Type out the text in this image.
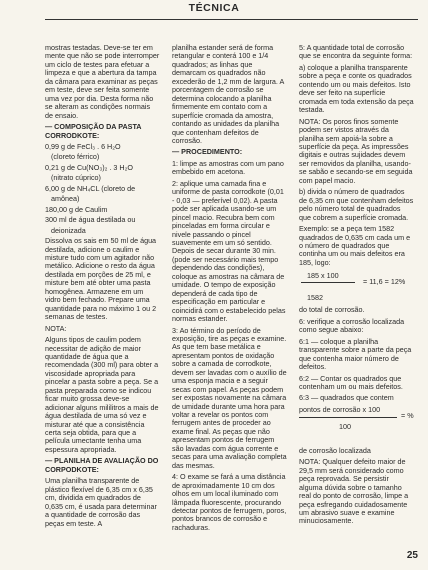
TÉCNICA

mostras testadas. Deve-se ter em mente que não se pode interromper um ciclo de testes para efetuar a limpeza e que a abertura da tampa da câmara para examinar as peças em teste, deve ser feita somente uma vez por dia. Desta forma não se alteram as condições normais de ensaio.

— COMPOSIÇÃO DA PASTA CORRODKOTE:

0,99 g de FeCl₃ . 6 H₂O
(cloreto férrico)
0,21 g de Cu(NO₃)₂ . 3 H₂O
(nitrato cúprico)
6,00 g de NH₄CL (cloreto de
amônea)
180,00 g de Caulim
300 ml de água destilada ou
deionizada

Dissolva os sais em 50 ml de água destilada, adicione o caulim e misture tudo com um agitador não metálico. Adicione o resto da água destilada em porções de 25 ml, e misture bem até obter uma pasta homogênea. Armazene em um vidro bem fechado. Prepare uma quantidade para no máximo 1 ou 2 semanas de testes.

NOTA:

Alguns tipos de caulim podem necessitar de adição de maior quantidade de água que a recomendada (300 ml) para obter a viscosidade apropriada para pincelar a pasta sobre a peça. Se a pasta preparada como se indicou ficar muito grossa deve-se adicionar alguns mililitros a mais de água destilada de uma só vez e misturar até que a consistência certa seja obtida, para que a película umectante tenha uma espessura apropriada.

— PLANILHA DE AVALIAÇÃO DO CORPODKOTE:

Uma planilha transparente de plástico flexível de 6,35 cm x 6,35 cm, dividida em quadrados de 0,635 cm, é usada para determinar a quantidade de corrosão das peças em teste. A

planilha estander será de forma retangular e conterá 100 e 1/4 quadrados; as linhas que demarcam os quadrados não excederão de 1,2 mm de largura. A porcentagem de corrosão se determina colocando a planilha firmemente em contato com a superfície cromada da amostra, contando as unidades da planilha que contenham defeitos de corrosão.

— PROCEDIMENTO:

1: limpe as amostras com um pano embebido em acetona.

2: aplique uma camada fina e uniforme de pasta corrodkote (0,01 - 0,03 — preferível 0,02). A pasta pode ser aplicada usando-se um pincel macio. Recubra bem com pinceladas em forma circular e nivele passando o pincel suavemente em um só sentido. Depois de secar durante 30 min. (pode ser necessário mais tempo dependendo das condições), coloque as amostras na câmara de umidade. O tempo de exposição dependerá de cada tipo de especificação em particular e coincidirá com o estabelecido pelas normas estander.

3: Ao término do período de exposição, tire as peças e examine. As que tem base metálica e apresentam pontos de oxidação sobre a camada de corrodkote, devem ser lavadas com o auxílio de uma esponja macia e a seguir secas com papel. As peças podem ser expostas novamente na câmara de umidade durante uma hora para voltar a revelar os pontos com ferrugem antes de proceder ao exame final. As peças que não apresentam pontos de ferrugem são lavadas com água corrente e secas para uma avaliação completa das mesmas.

4: O exame se fará a uma distância de aproximadamente 10 cm dos olhos em um local iluminado com lâmpada fluorescente, procurando detectar pontos de ferrugem, poros, pontos brancos de corrosão e rachaduras.

5: A quantidade total de corrosão que se encontra da seguinte forma:

a) coloque a planilha transparente sobre a peça e conte os quadrados contendo um ou mais defeitos. Isto deve ser feito na superfície cromada em toda extensão da peça testada.

NOTA: Os poros finos somente podem ser vistos através da planilha sem apoiá-la sobre a superfície da peça. As impressões digitais e outras sujidades devem ser removidos da planilha, usando-se sabão e secando-se em seguida com papel macio.

b) divida o número de quadrados de 6,35 cm que contenham defeitos pelo número total de quadrados que cobrem a superfície cromada.

Exemplo: se a peça tem 1582 quadrados de 0,635 cm cada um e o número de quadrados que continha um ou mais defeitos era 185, logo:

185 x 100
1582
= 11,6 = 12%

do total de corrosão.

6: verifique a corrosão localizada como segue abaixo:

6:1 — coloque a planilha transparente sobre a parte da peça que contenha maior número de defeitos.

6:2 — Contar os quadrados que contenham um ou mais defeitos.

6:3 — quadrados que contem

pontos de corrosão x 100
= %
100

de corrosão localizada

NOTA: Qualquer defeito maior de 29,5 mm será considerado como peça reprovada. Se persistir alguma dúvida sobre o tamanho real do ponto de corrosão, limpe a peça esfregando cuidadosamente um abrasivo suave e examine minuciosamente.

25
